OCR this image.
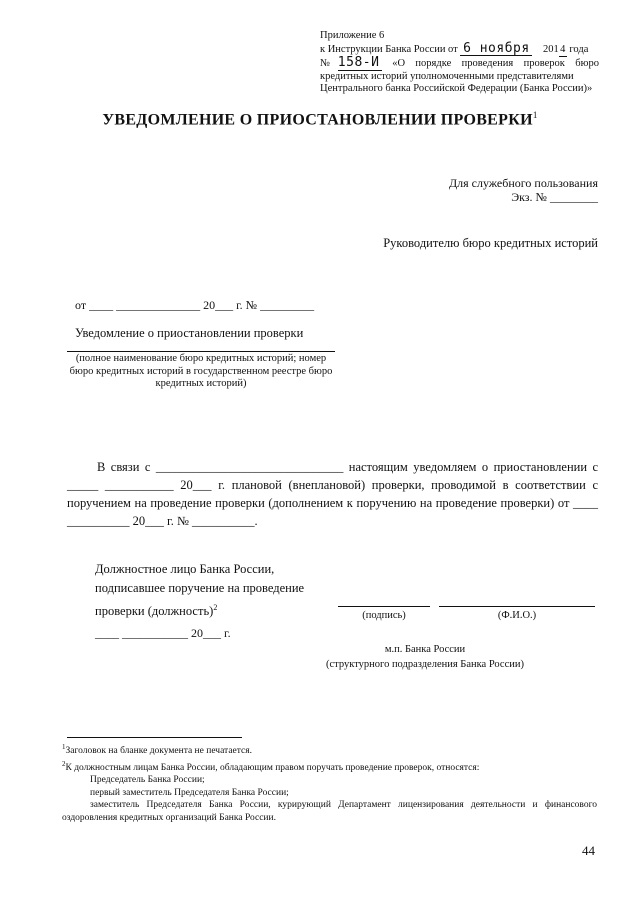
Приложение 6
к Инструкции Банка России от 6 ноября 2014 года
№158-И «О порядке проведения проверок бюро
кредитных историй уполномоченными представителями
Центрального банка Российской Федерации (Банка России)»
УВЕДОМЛЕНИЕ О ПРИОСТАНОВЛЕНИИ ПРОВЕРКИ$^1$
Для служебного пользования
Экз. № ________
Руководителю бюро кредитных историй
от ____ ______________ 20___ г. № _________
Уведомление о приостановлении проверки
(полное наименование бюро кредитных историй; номер бюро кредитных историй в государственном реестре бюро кредитных историй)

В связи с ______________________________ настоящим уведомляем о приостановлении с _____ ___________ 20___ г. плановой (внеплановой) проверки, проводимой в соответствии с поручением на проведение проверки (дополнением к поручению на проведение проверки) от ____ __________ 20___ г. № __________.

Должностное лицо Банка России,
подписавшее поручение на проведение
проверки (должность)$^2$
(подпись)	(Ф.И.О.)
____ ___________ 20___ г.
м.п. Банка России
(структурного подразделения Банка России)

$^1$Заголовок на бланке документа не печатается.

$^2$К должностным лицам Банка России, обладающим правом поручать проведение проверок, относятся:

Председатель Банка России;

первый заместитель Председателя Банка России;

заместитель Председателя Банка России, курирующий Департамент лицензирования деятельности и финансового оздоровления кредитных организаций Банка России.

44
